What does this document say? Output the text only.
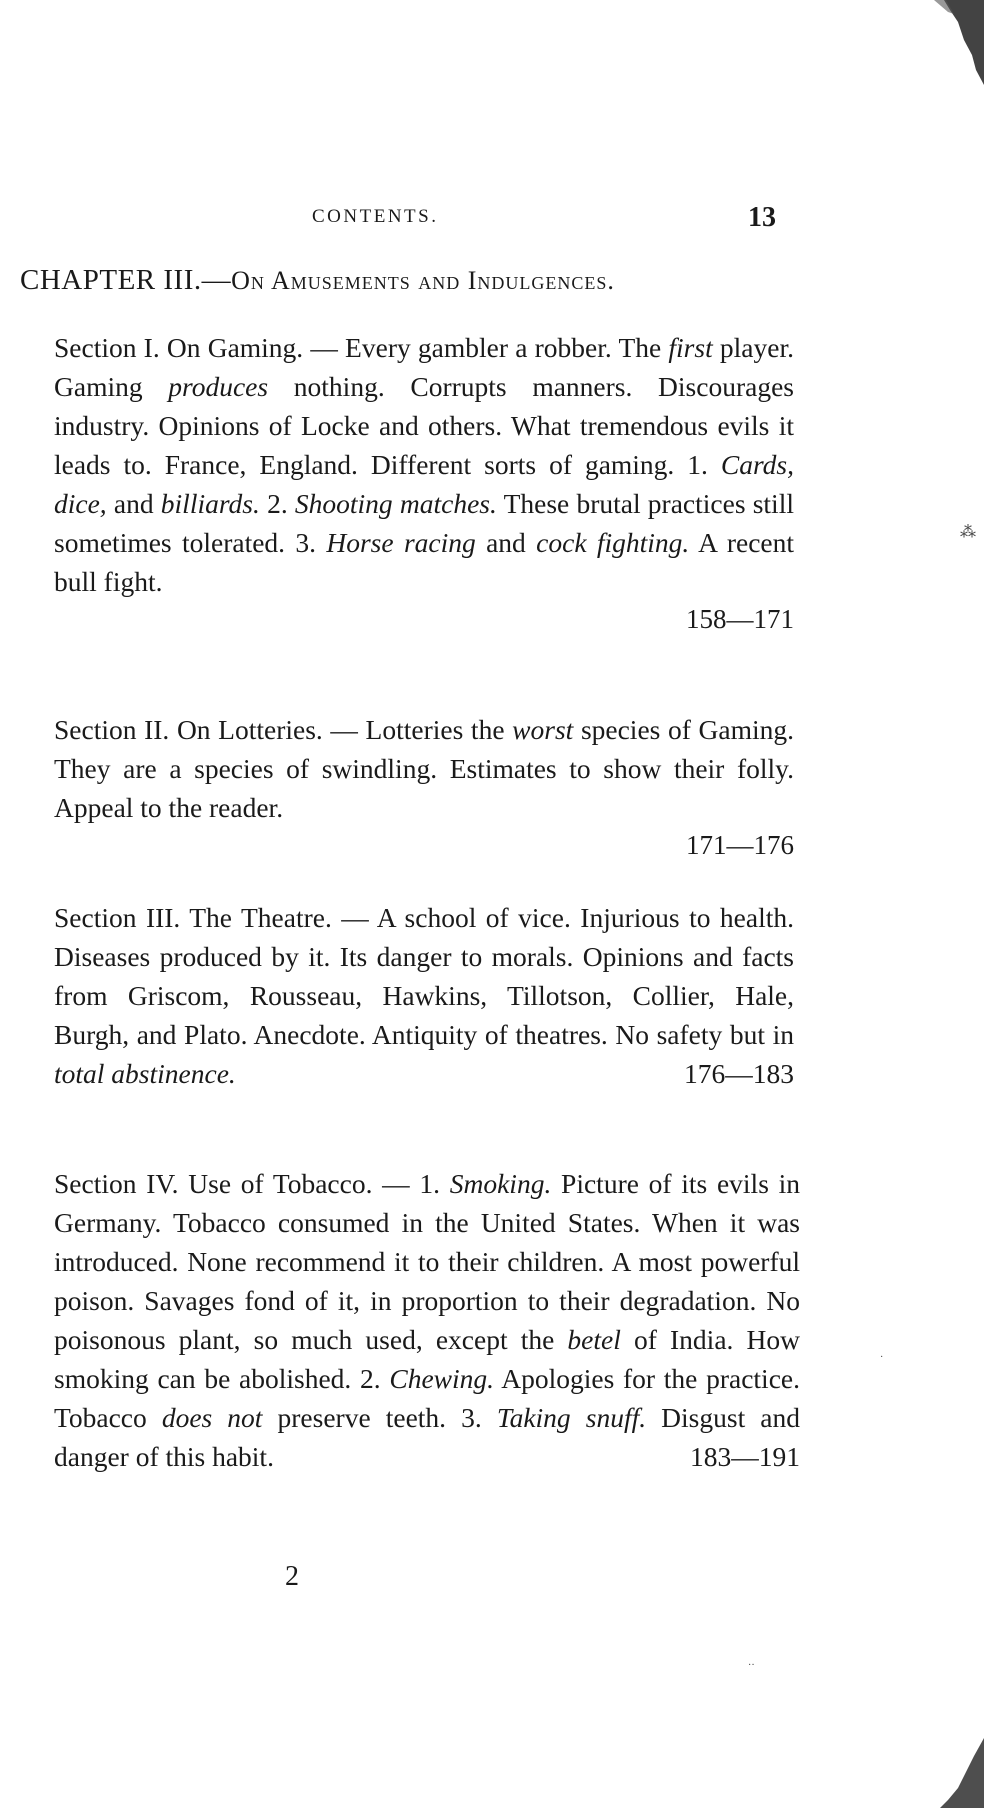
CONTENTS.	13
CHAPTER III.—On Amusements and Indulgences.
Section I. On Gaming. — Every gambler a robber. The first player. Gaming produces nothing. Corrupts manners. Discourages industry. Opinions of Locke and others. What tremendous evils it leads to. France, England. Different sorts of gaming. 1. Cards, dice, and billiards. 2. Shooting matches. These brutal practices still sometimes tolerated. 3. Horse racing and cock fighting. A recent bull fight.
158—171
Section II. On Lotteries. — Lotteries the worst species of Gaming. They are a species of swindling. Estimates to show their folly. Appeal to the reader.
171—176
Section III. The Theatre. — A school of vice. Injurious to health. Diseases produced by it. Its danger to morals. Opinions and facts from Griscom, Rousseau, Hawkins, Tillotson, Collier, Hale, Burgh, and Plato. Anecdote. Antiquity of theatres. No safety but in total abstinence.	176—183
Section IV. Use of Tobacco. — 1. Smoking. Picture of its evils in Germany. Tobacco consumed in the United States. When it was introduced. None recommend it to their children. A most powerful poison. Savages fond of it, in proportion to their degradation. No poisonous plant, so much used, except the betel of India. How smoking can be abolished. 2. Chewing. Apologies for the practice. Tobacco does not preserve teeth. 3. Taking snuff. Disgust and danger of this habit.	183—191
2
⁂
·
··
